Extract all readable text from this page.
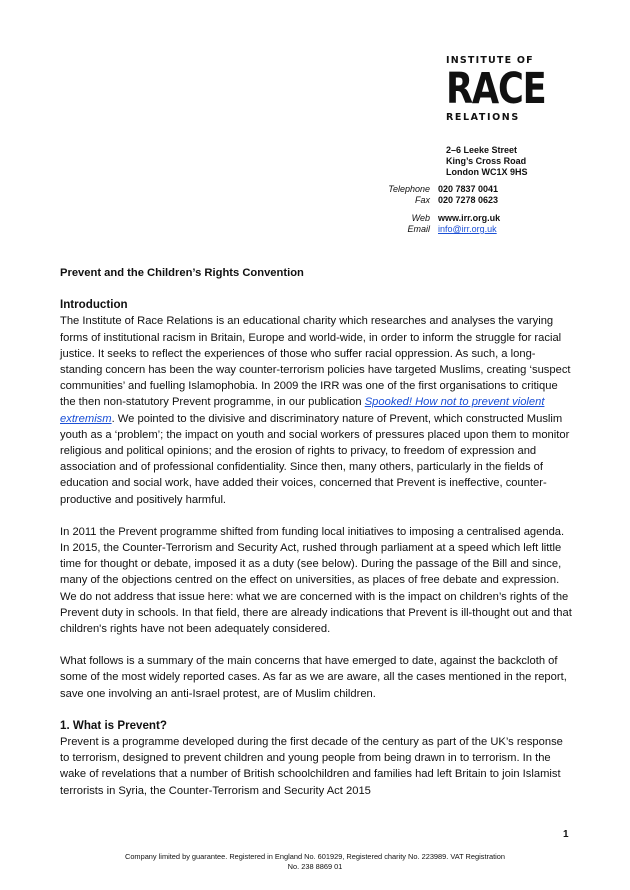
INSTITUTE OF
RACE
RELATIONS
2–6 Leeke Street
King’s Cross Road
London WC1X 9HS
Telephone 020 7837 0041
Fax 020 7278 0623
Web www.irr.org.uk
Email info@irr.org.uk

Prevent and the Children’s Rights Convention

Introduction

The Institute of Race Relations is an educational charity which researches and analyses the varying forms of institutional racism in Britain, Europe and world-wide, in order to inform the struggle for racial justice. It seeks to reflect the experiences of those who suffer racial oppression. As such, a long-standing concern has been the way counter-terrorism policies have targeted Muslims, creating ‘suspect communities’ and fuelling Islamophobia. In 2009 the IRR was one of the first organisations to critique the then non-statutory Prevent programme, in our publication Spooked! How not to prevent violent extremism. We pointed to the divisive and discriminatory nature of Prevent, which constructed Muslim youth as a ‘problem’; the impact on youth and social workers of pressures placed upon them to monitor religious and political opinions; and the erosion of rights to privacy, to freedom of expression and association and of professional confidentiality. Since then, many others, particularly in the fields of education and social work, have added their voices, concerned that Prevent is ineffective, counter-productive and positively harmful.

In 2011 the Prevent programme shifted from funding local initiatives to imposing a centralised agenda. In 2015, the Counter-Terrorism and Security Act, rushed through parliament at a speed which left little time for thought or debate, imposed it as a duty (see below). During the passage of the Bill and since, many of the objections centred on the effect on universities, as places of free debate and expression. We do not address that issue here: what we are concerned with is the impact on children’s rights of the Prevent duty in schools. In that field, there are already indications that Prevent is ill-thought out and that children's rights have not been adequately considered.

What follows is a summary of the main concerns that have emerged to date, against the backcloth of some of the most widely reported cases. As far as we are aware, all the cases mentioned in the report, save one involving an anti-Israel protest, are of Muslim children.

1. What is Prevent?

Prevent is a programme developed during the first decade of the century as part of the UK’s response to terrorism, designed to prevent children and young people from being drawn in to terrorism. In the wake of revelations that a number of British schoolchildren and families had left Britain to join Islamist terrorists in Syria, the Counter-Terrorism and Security Act 2015

1
Company limited by guarantee. Registered in England No. 601929, Registered charity No. 223989. VAT Registration
No. 238 8869 01
